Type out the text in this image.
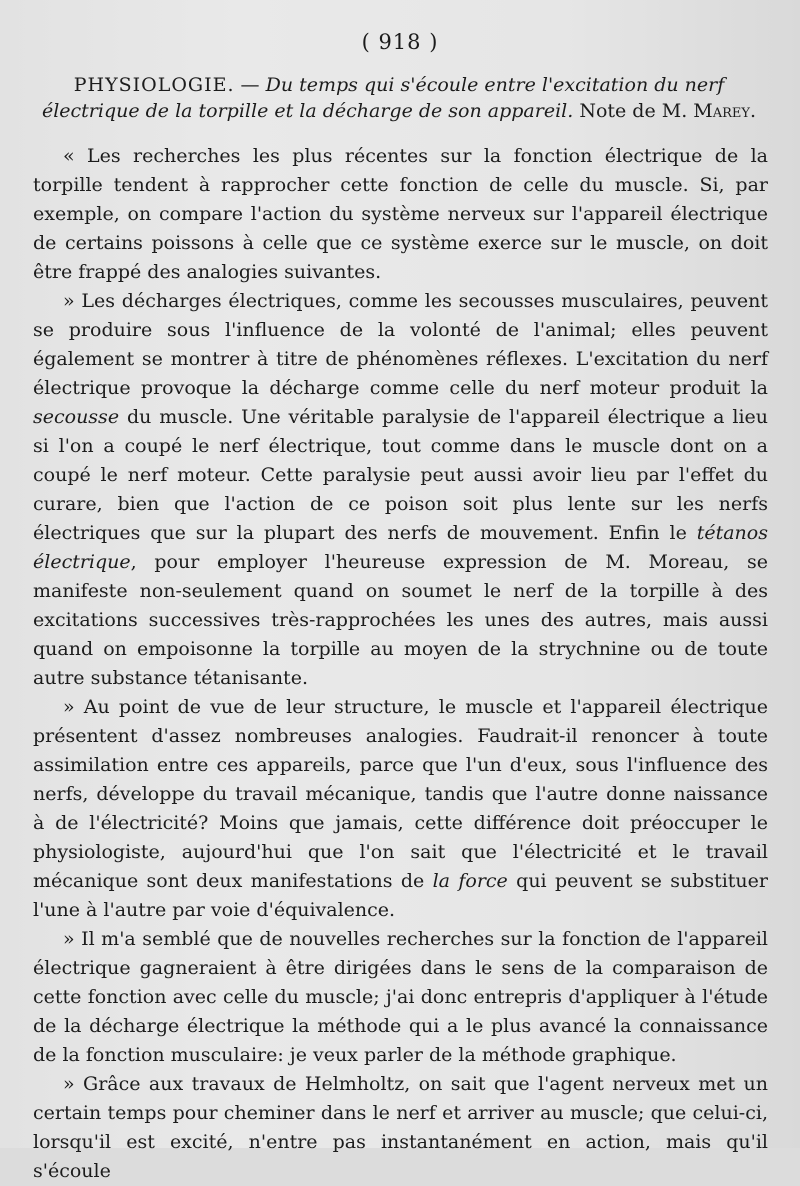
( 918 )
PHYSIOLOGIE. — Du temps qui s'écoule entre l'excitation du nerf électrique de la torpille et la décharge de son appareil. Note de M. Marey.

« Les recherches les plus récentes sur la fonction électrique de la torpille tendent à rapprocher cette fonction de celle du muscle. Si, par exemple, on compare l'action du système nerveux sur l'appareil électrique de certains poissons à celle que ce système exerce sur le muscle, on doit être frappé des analogies suivantes.

» Les décharges électriques, comme les secousses musculaires, peuvent se produire sous l'influence de la volonté de l'animal; elles peuvent également se montrer à titre de phénomènes réflexes. L'excitation du nerf électrique provoque la décharge comme celle du nerf moteur produit la secousse du muscle. Une véritable paralysie de l'appareil électrique a lieu si l'on a coupé le nerf électrique, tout comme dans le muscle dont on a coupé le nerf moteur. Cette paralysie peut aussi avoir lieu par l'effet du curare, bien que l'action de ce poison soit plus lente sur les nerfs électriques que sur la plupart des nerfs de mouvement. Enfin le tétanos électrique, pour employer l'heureuse expression de M. Moreau, se manifeste non-seulement quand on soumet le nerf de la torpille à des excitations successives très-rapprochées les unes des autres, mais aussi quand on empoisonne la torpille au moyen de la strychnine ou de toute autre substance tétanisante.

» Au point de vue de leur structure, le muscle et l'appareil électrique présentent d'assez nombreuses analogies. Faudrait-il renoncer à toute assimilation entre ces appareils, parce que l'un d'eux, sous l'influence des nerfs, développe du travail mécanique, tandis que l'autre donne naissance à de l'électricité? Moins que jamais, cette différence doit préoccuper le physiologiste, aujourd'hui que l'on sait que l'électricité et le travail mécanique sont deux manifestations de la force qui peuvent se substituer l'une à l'autre par voie d'équivalence.

» Il m'a semblé que de nouvelles recherches sur la fonction de l'appareil électrique gagneraient à être dirigées dans le sens de la comparaison de cette fonction avec celle du muscle; j'ai donc entrepris d'appliquer à l'étude de la décharge électrique la méthode qui a le plus avancé la connaissance de la fonction musculaire: je veux parler de la méthode graphique.

» Grâce aux travaux de Helmholtz, on sait que l'agent nerveux met un certain temps pour cheminer dans le nerf et arriver au muscle; que celui-ci, lorsqu'il est excité, n'entre pas instantanément en action, mais qu'il s'écoule
